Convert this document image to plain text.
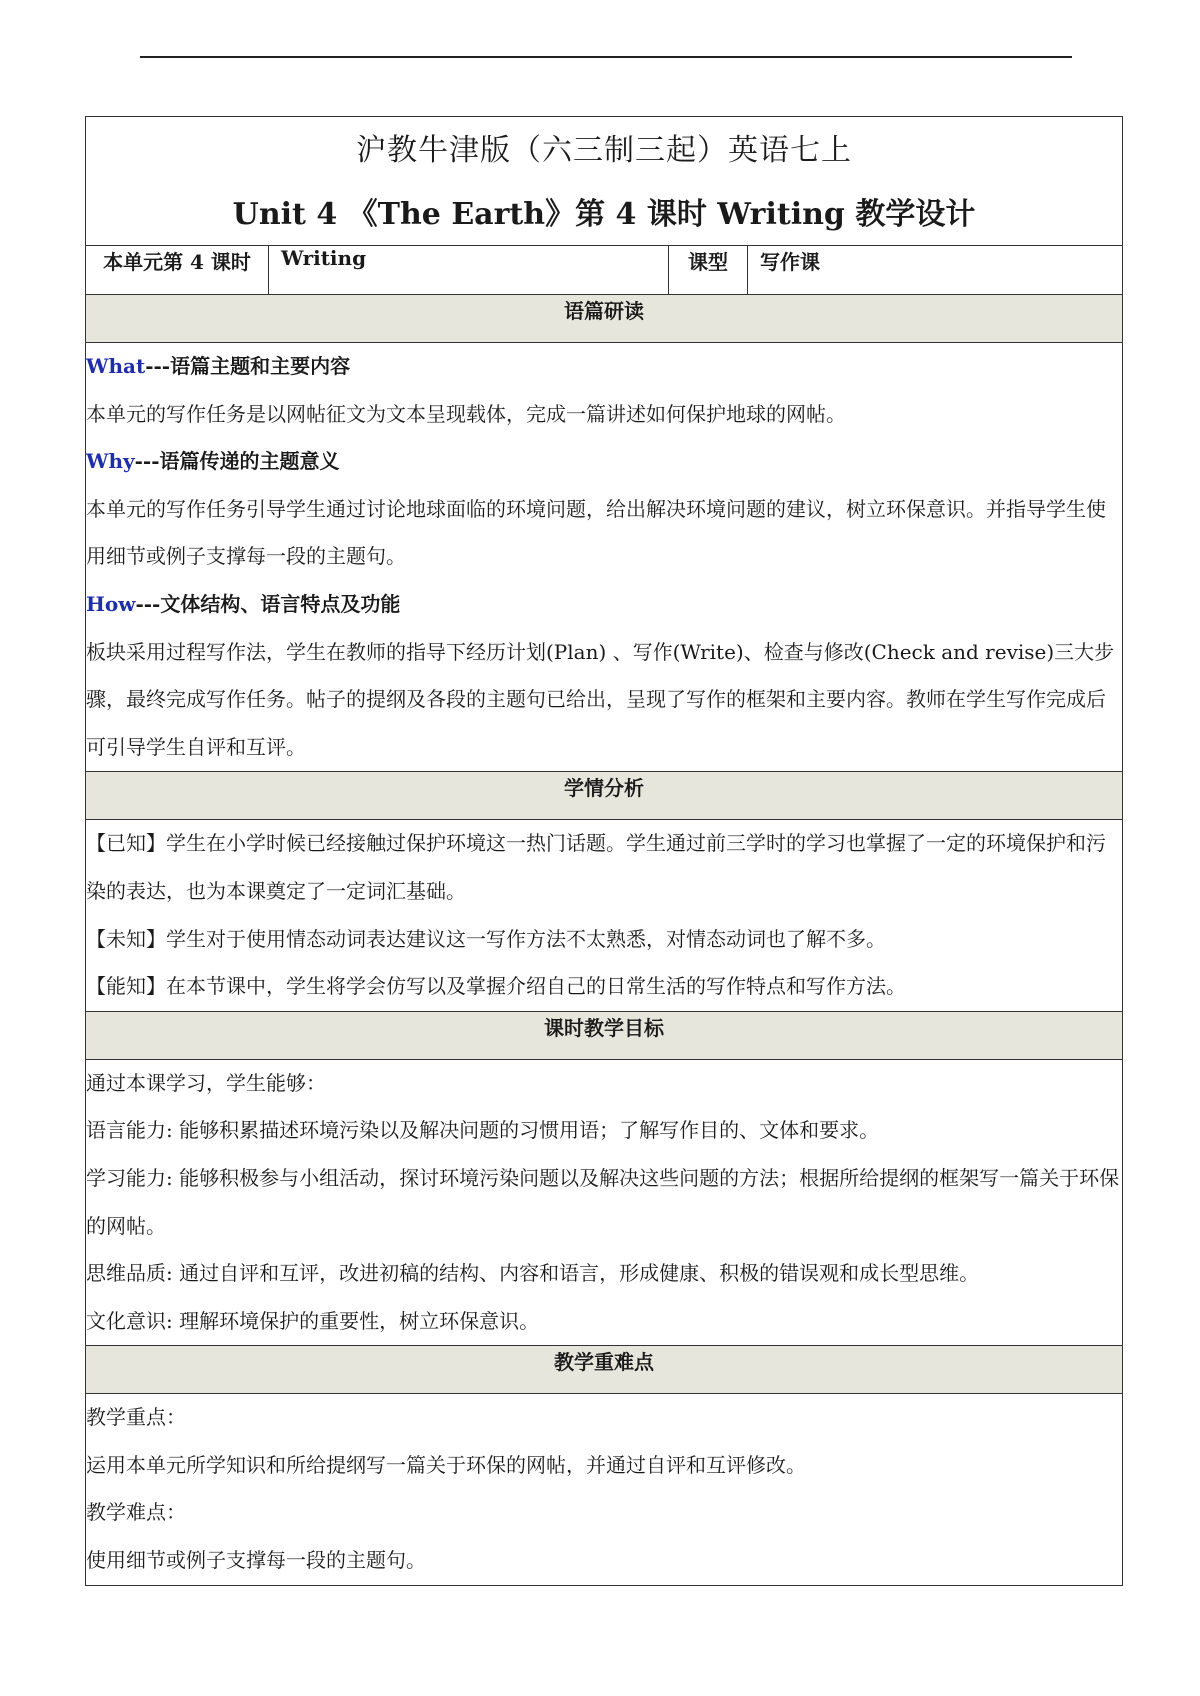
沪教牛津版（六三制三起）英语七上
Unit 4 《The Earth》第 4 课时 Writing 教学设计

本单元第 4 课时	Writing	课型	写作课
语篇研读

What---语篇主题和主要内容

本单元的写作任务是以网帖征文为文本呈现载体，完成一篇讲述如何保护地球的网帖。

Why---语篇传递的主题意义

本单元的写作任务引导学生通过讨论地球面临的环境问题，给出解决环境问题的建议，树立环保意识。并指导学生使用细节或例子支撑每一段的主题句。

How---文体结构、语言特点及功能

板块采用过程写作法，学生在教师的指导下经历计划(Plan) 、写作(Write)、检查与修改(Check and revise)三大步骤，最终完成写作任务。帖子的提纲及各段的主题句已给出，呈现了写作的框架和主要内容。教师在学生写作完成后可引导学生自评和互评。

学情分析

【已知】学生在小学时候已经接触过保护环境这一热门话题。学生通过前三学时的学习也掌握了一定的环境保护和污染的表达，也为本课奠定了一定词汇基础。

【未知】学生对于使用情态动词表达建议这一写作方法不太熟悉，对情态动词也了解不多。

【能知】在本节课中，学生将学会仿写以及掌握介绍自己的日常生活的写作特点和写作方法。

课时教学目标

通过本课学习，学生能够：

语言能力: 能够积累描述环境污染以及解决问题的习惯用语；了解写作目的、文体和要求。

学习能力: 能够积极参与小组活动，探讨环境污染问题以及解决这些问题的方法；根据所给提纲的框架写一篇关于环保的网帖。

思维品质: 通过自评和互评，改进初稿的结构、内容和语言，形成健康、积极的错误观和成长型思维。

文化意识: 理解环境保护的重要性，树立环保意识。

教学重难点

教学重点：

运用本单元所学知识和所给提纲写一篇关于环保的网帖，并通过自评和互评修改。

教学难点：

使用细节或例子支撑每一段的主题句。
